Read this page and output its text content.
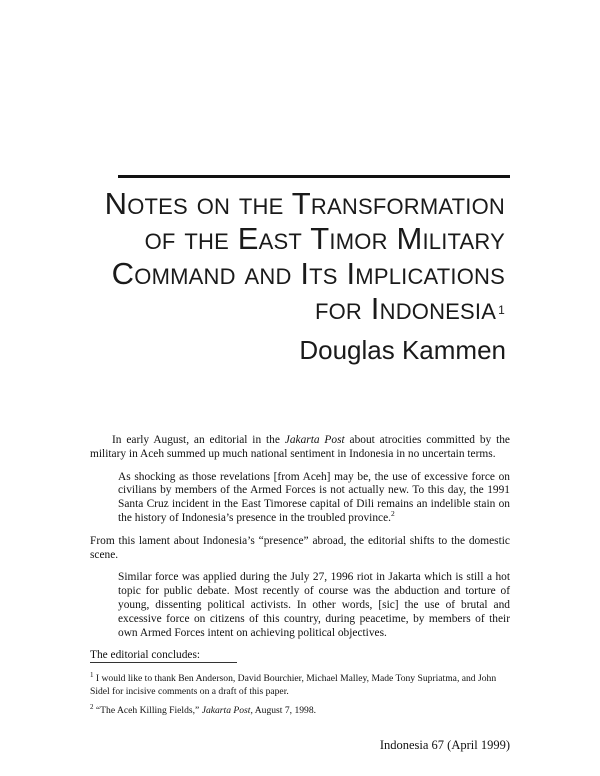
Notes on the Transformation
of the East Timor Military
Command and Its Implications
for Indonesia $^1$
Douglas Kammen

In early August, an editorial in the Jakarta Post about atrocities committed by the military in Aceh summed up much national sentiment in Indonesia in no uncertain terms.

As shocking as those revelations [from Aceh] may be, the use of excessive force on civilians by members of the Armed Forces is not actually new. To this day, the 1991 Santa Cruz incident in the East Timorese capital of Dili remains an indelible stain on the history of Indonesia’s presence in the troubled province.$^2$

From this lament about Indonesia’s “presence” abroad, the editorial shifts to the domestic scene.

Similar force was applied during the July 27, 1996 riot in Jakarta which is still a hot topic for public debate. Most recently of course was the abduction and torture of young, dissenting political activists. In other words, [sic] the use of brutal and excessive force on citizens of this country, during peacetime, by members of their own Armed Forces intent on achieving political objectives.

The editorial concludes:

$^1$ I would like to thank Ben Anderson, David Bourchier, Michael Malley, Made Tony Supriatma, and John Sidel for incisive comments on a draft of this paper.

$^2$ “The Aceh Killing Fields,” Jakarta Post, August 7, 1998.

Indonesia 67 (April 1999)
